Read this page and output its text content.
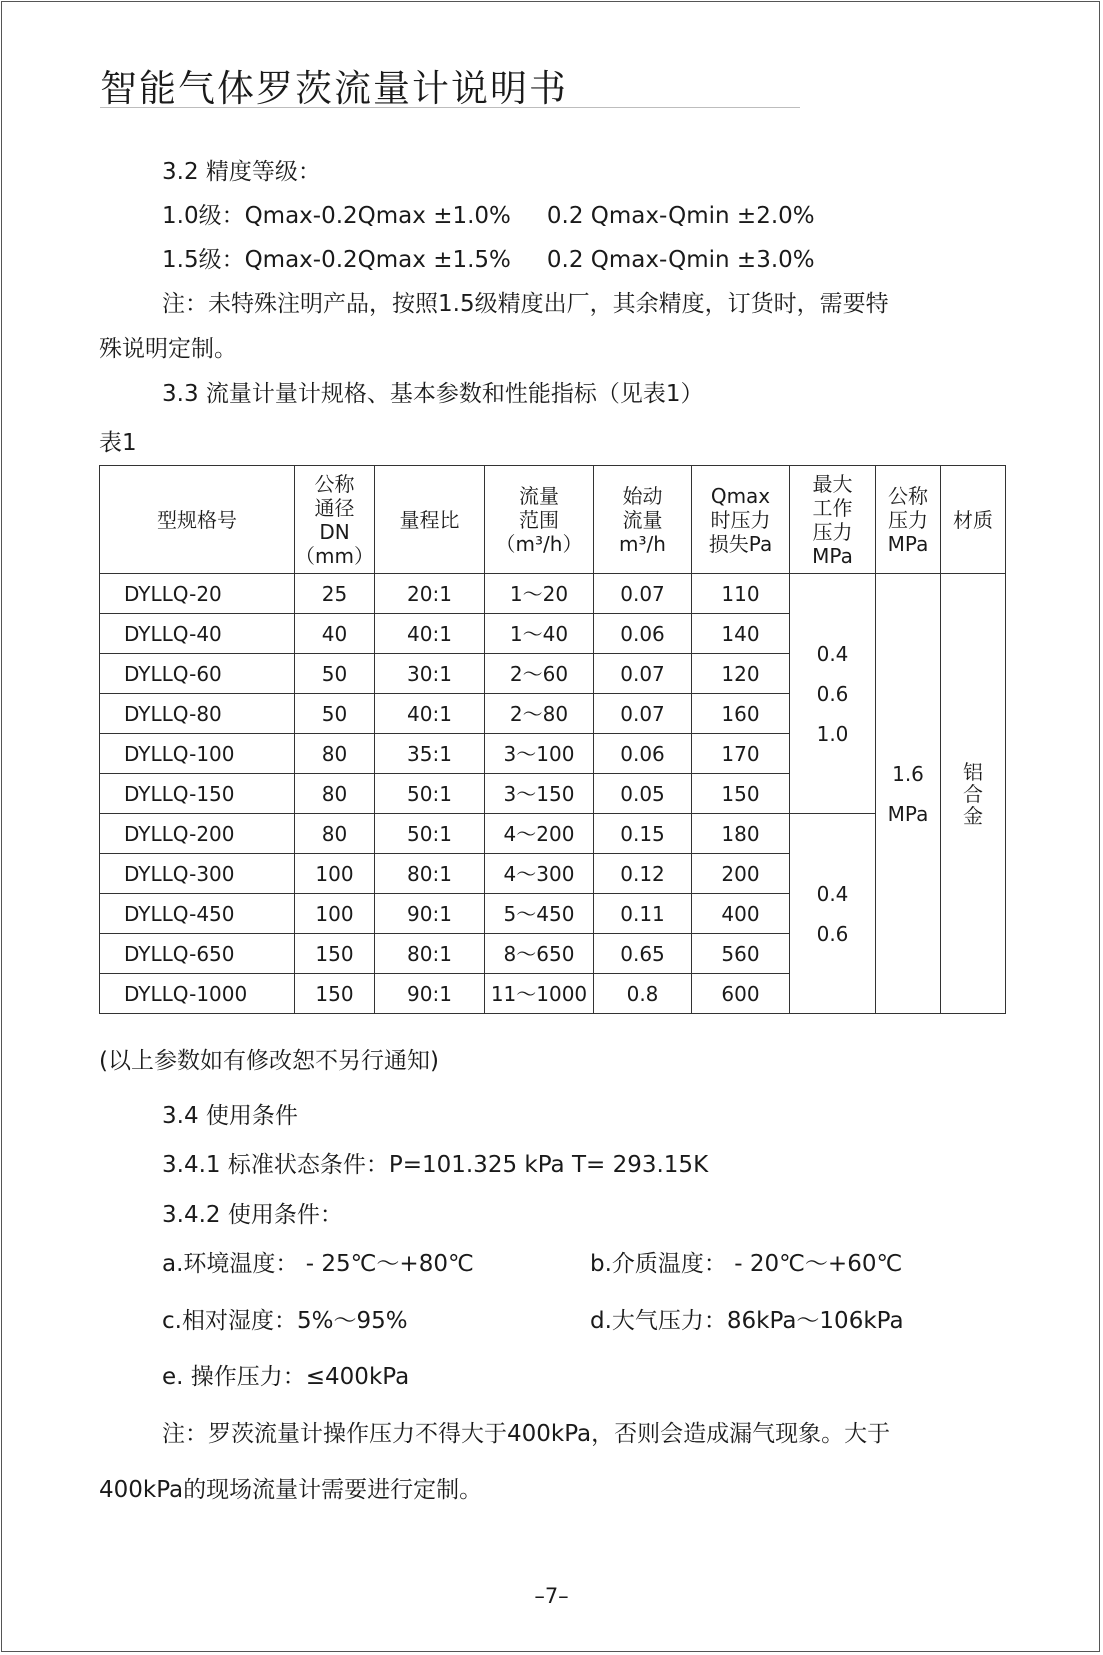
智能气体罗茨流量计说明书
3.2 精度等级：
1.0级：Qmax-0.2Qmax ±1.0% 0.2 Qmax-Qmin ±2.0%
1.5级：Qmax-0.2Qmax ±1.5% 0.2 Qmax-Qmin ±3.0%
注：未特殊注明产品，按照1.5级精度出厂，其余精度，订货时，需要特
殊说明定制。
3.3 流量计量计规格、基本参数和性能指标（见表1）
表1
型规格号	公称
通径
DN
（mm）	量程比	流量
范围
（m³/h）	始动
流量
m³/h	Qmax
时压力
损失Pa	最大
工作
压力
MPa	公称
压力
MPa	材质
DYLLQ-20	25	20:1	1～20	0.07	110	0.4
0.6
1.0	1.6
MPa	铝
合
金

DYLLQ-40	40	40:1	1～40	0.06	140			
DYLLQ-60	50	30:1	2～60	0.07	120			
DYLLQ-80	50	40:1	2～80	0.07	160			
DYLLQ-100	80	35:1	3～100	0.06	170			
DYLLQ-150	80	50:1	3～150	0.05	150			
DYLLQ-200	80	50:1	4～200	0.15	180	0.4
0.6		

DYLLQ-300	100	80:1	4～300	0.12	200			
DYLLQ-450	100	90:1	5～450	0.11	400			
DYLLQ-650	150	80:1	8～650	0.65	560			
DYLLQ-1000	150	90:1	11～1000	0.8	600			
(以上参数如有修改恕不另行通知)
3.4 使用条件
3.4.1 标准状态条件：P=101.325 kPa T= 293.15K
3.4.2 使用条件：
a.环境温度： - 25℃～+80℃	b.介质温度： - 20℃～+60℃
c.相对湿度：5%～95%	d.大气压力：86kPa～106kPa
e. 操作压力：≤400kPa
注：罗茨流量计操作压力不得大于400kPa，否则会造成漏气现象。大于
400kPa的现场流量计需要进行定制。
–7–
